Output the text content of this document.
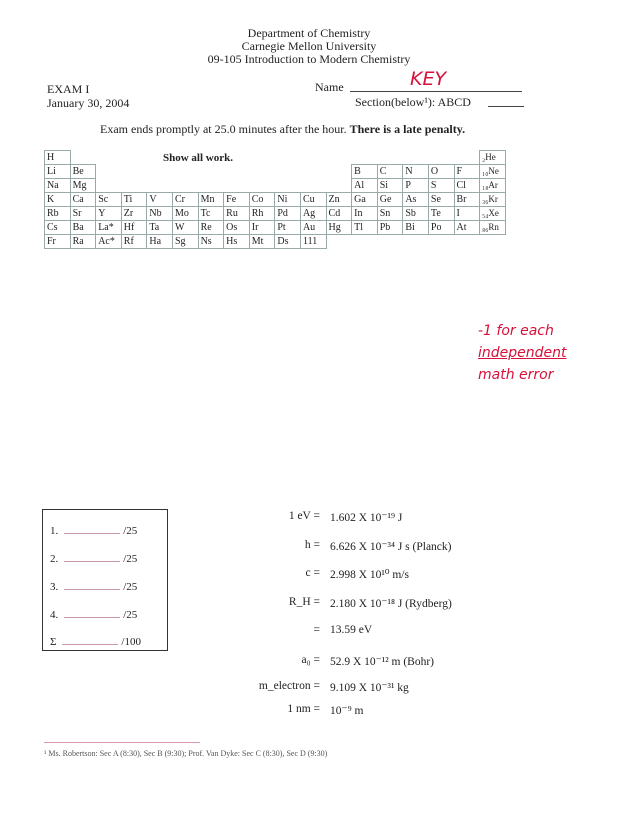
Department of Chemistry
Carnegie Mellon University
09-105 Introduction to Modern Chemistry
EXAM I
January 30, 2004
Name	KEY
Section(below¹): ABCD
Exam ends promptly at 25.0 minutes after the hour. There is a late penalty.
H																	₂He
Li	Be											B	C	N	O	F	₁₀Ne
Na	Mg											Al	Si	P	S	Cl	₁₈Ar
K	Ca	Sc	Ti	V	Cr	Mn	Fe	Co	Ni	Cu	Zn	Ga	Ge	As	Se	Br	₃₆Kr
Rb	Sr	Y	Zr	Nb	Mo	Tc	Ru	Rh	Pd	Ag	Cd	In	Sn	Sb	Te	I	₅₄Xe
Cs	Ba	La*	Hf	Ta	W	Re	Os	Ir	Pt	Au	Hg	Tl	Pb	Bi	Po	At	₈₆Rn
Fr	Ra	Ac*	Rf	Ha	Sg	Ns	Hs	Mt	Ds	111							
Show all work.
-1 for each
independent
math error
1.	/25
2.	/25
3.	/25
4.	/25
Σ	/100
1 eV = 1.602 X 10⁻¹⁹ J
h = 6.626 X 10⁻³⁴ J s (Planck)
c = 2.998 X 10¹⁰ m/s
R_H = 2.180 X 10⁻¹⁸ J (Rydberg)
= 13.59 eV
a₀ = 52.9 X 10⁻¹² m (Bohr)
m_electron = 9.109 X 10⁻³¹ kg
1 nm = 10⁻⁹ m
¹ Ms. Robertson: Sec A (8:30), Sec B (9:30); Prof. Van Dyke: Sec C (8:30), Sec D (9:30)
